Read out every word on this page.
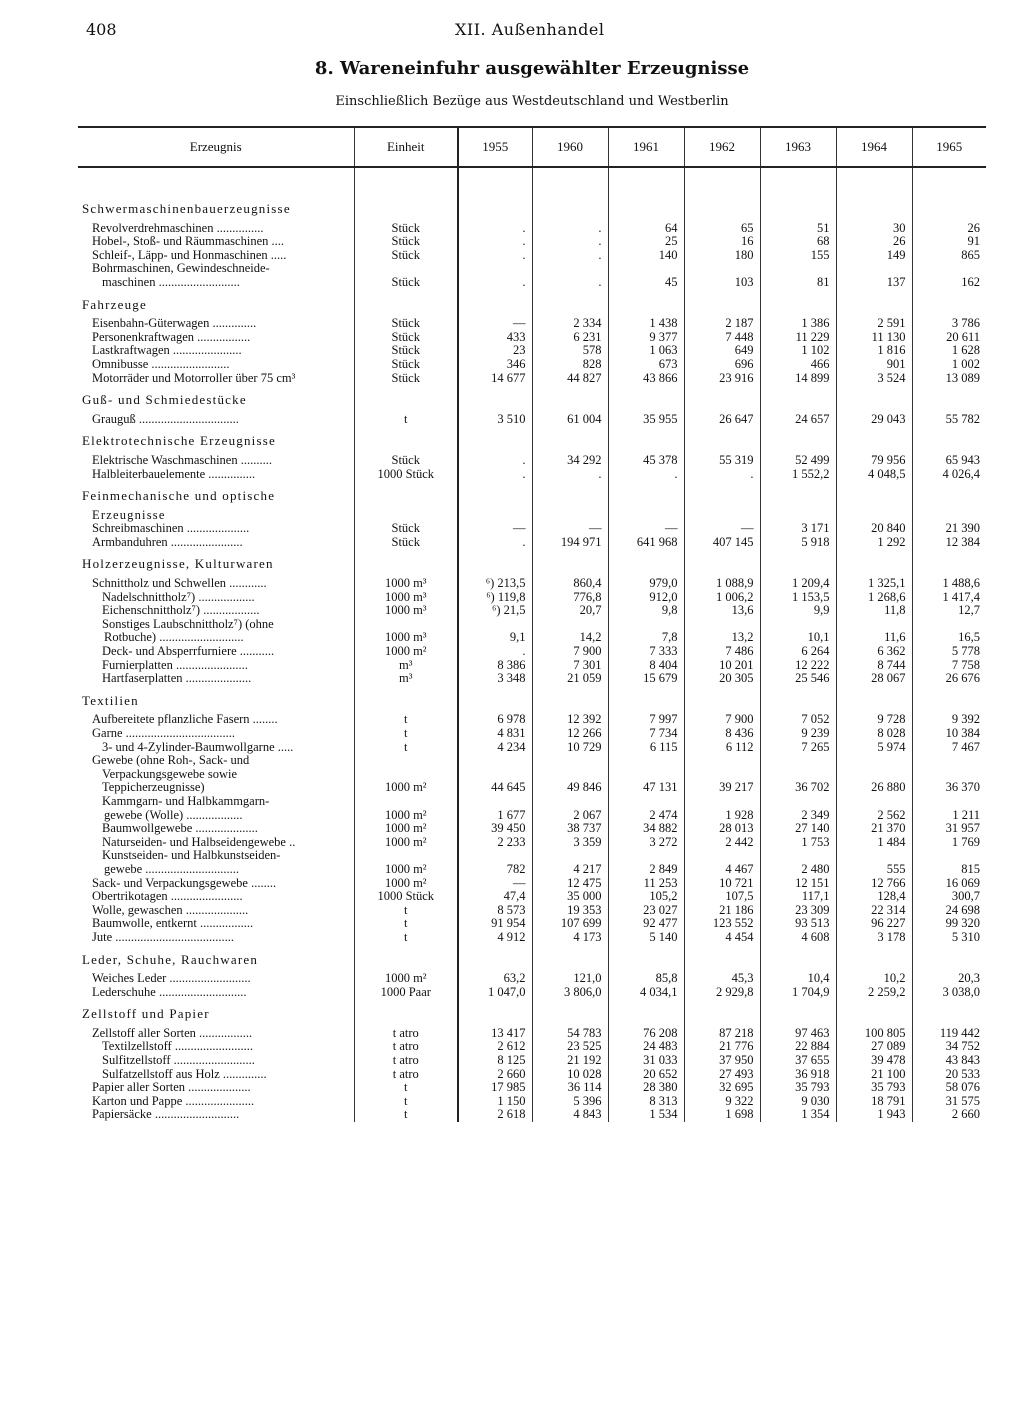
408	XII. Außenhandel
8. Wareneinfuhr ausgewählter Erzeugnisse
Einschließlich Bezüge aus Westdeutschland und Westberlin
Erzeugnis	Einheit	1955	1960	1961	1962	1963	1964	1965

Schwermaschinenbauerzeugnisse								
Revolverdrehmaschinen ...............	Stück	.	.	64	65	51	30	26
Hobel-, Stoß- und Räummaschinen ....	Stück	.	.	25	16	68	26	91
Schleif-, Läpp- und Honmaschinen .....	Stück	.	.	140	180	155	149	865
Bohrmaschinen, Gewindeschneide-								
maschinen ..........................	Stück	.	.	45	103	81	137	162
Fahrzeuge								
Eisenbahn-Güterwagen ..............	Stück	—	2 334	1 438	2 187	1 386	2 591	3 786
Personenkraftwagen .................	Stück	433	6 231	9 377	7 448	11 229	11 130	20 611
Lastkraftwagen ......................	Stück	23	578	1 063	649	1 102	1 816	1 628
Omnibusse .........................	Stück	346	828	673	696	466	901	1 002
Motorräder und Motorroller über 75 cm³	Stück	14 677	44 827	43 866	23 916	14 899	3 524	13 089
Guß- und Schmiedestücke								
Grauguß ................................	t	3 510	61 004	35 955	26 647	24 657	29 043	55 782
Elektrotechnische Erzeugnisse								
Elektrische Waschmaschinen ..........	Stück	.	34 292	45 378	55 319	52 499	79 956	65 943
Halbleiterbauelemente ...............	1000 Stück	.	.	.	.	1 552,2	4 048,5	4 026,4
Feinmechanische und optische								
Erzeugnisse								
Schreibmaschinen ....................	Stück	—	—	—	—	3 171	20 840	21 390
Armbanduhren .......................	Stück	.	194 971	641 968	407 145	5 918	1 292	12 384
Holzerzeugnisse, Kulturwaren								
Schnittholz und Schwellen ............	1000 m³	⁶) 213,5	860,4	979,0	1 088,9	1 209,4	1 325,1	1 488,6
Nadelschnittholz⁷) ..................	1000 m³	⁶) 119,8	776,8	912,0	1 006,2	1 153,5	1 268,6	1 417,4
Eichenschnittholz⁷) ..................	1000 m³	⁶) 21,5	20,7	9,8	13,6	9,9	11,8	12,7
Sonstiges Laubschnittholz⁷) (ohne								
Rotbuche) ...........................	1000 m³	9,1	14,2	7,8	13,2	10,1	11,6	16,5
Deck- und Absperrfurniere ...........	1000 m²	.	7 900	7 333	7 486	6 264	6 362	5 778
Furnierplatten .......................	m³	8 386	7 301	8 404	10 201	12 222	8 744	7 758
Hartfaserplatten .....................	m³	3 348	21 059	15 679	20 305	25 546	28 067	26 676
Textilien								
Aufbereitete pflanzliche Fasern ........	t	6 978	12 392	7 997	7 900	7 052	9 728	9 392
Garne ...................................	t	4 831	12 266	7 734	8 436	9 239	8 028	10 384
3- und 4-Zylinder-Baumwollgarne .....	t	4 234	10 729	6 115	6 112	7 265	5 974	7 467
Gewebe (ohne Roh-, Sack- und								
Verpackungsgewebe sowie								
Teppicherzeugnisse)	1000 m²	44 645	49 846	47 131	39 217	36 702	26 880	36 370
Kammgarn- und Halbkammgarn-								
gewebe (Wolle) ..................	1000 m²	1 677	2 067	2 474	1 928	2 349	2 562	1 211
Baumwollgewebe ....................	1000 m²	39 450	38 737	34 882	28 013	27 140	21 370	31 957
Naturseiden- und Halbseidengewebe ..	1000 m²	2 233	3 359	3 272	2 442	1 753	1 484	1 769
Kunstseiden- und Halbkunstseiden-								
gewebe ..............................	1000 m²	782	4 217	2 849	4 467	2 480	555	815
Sack- und Verpackungsgewebe ........	1000 m²	—	12 475	11 253	10 721	12 151	12 766	16 069
Obertrikotagen .......................	1000 Stück	47,4	35 000	105,2	107,5	117,1	128,4	300,7
Wolle, gewaschen ....................	t	8 573	19 353	23 027	21 186	23 309	22 314	24 698
Baumwolle, entkernt .................	t	91 954	107 699	92 477	123 552	93 513	96 227	99 320
Jute ......................................	t	4 912	4 173	5 140	4 454	4 608	3 178	5 310
Leder, Schuhe, Rauchwaren								
Weiches Leder ..........................	1000 m²	63,2	121,0	85,8	45,3	10,4	10,2	20,3
Lederschuhe ............................	1000 Paar	1 047,0	3 806,0	4 034,1	2 929,8	1 704,9	2 259,2	3 038,0
Zellstoff und Papier								
Zellstoff aller Sorten .................	t atro	13 417	54 783	76 208	87 218	97 463	100 805	119 442
Textilzellstoff .........................	t atro	2 612	23 525	24 483	21 776	22 884	27 089	34 752
Sulfitzellstoff ..........................	t atro	8 125	21 192	31 033	37 950	37 655	39 478	43 843
Sulfatzellstoff aus Holz ..............	t atro	2 660	10 028	20 652	27 493	36 918	21 100	20 533
Papier aller Sorten ....................	t	17 985	36 114	28 380	32 695	35 793	35 793	58 076
Karton und Pappe ......................	t	1 150	5 396	8 313	9 322	9 030	18 791	31 575
Papiersäcke ...........................	t	2 618	4 843	1 534	1 698	1 354	1 943	2 660
